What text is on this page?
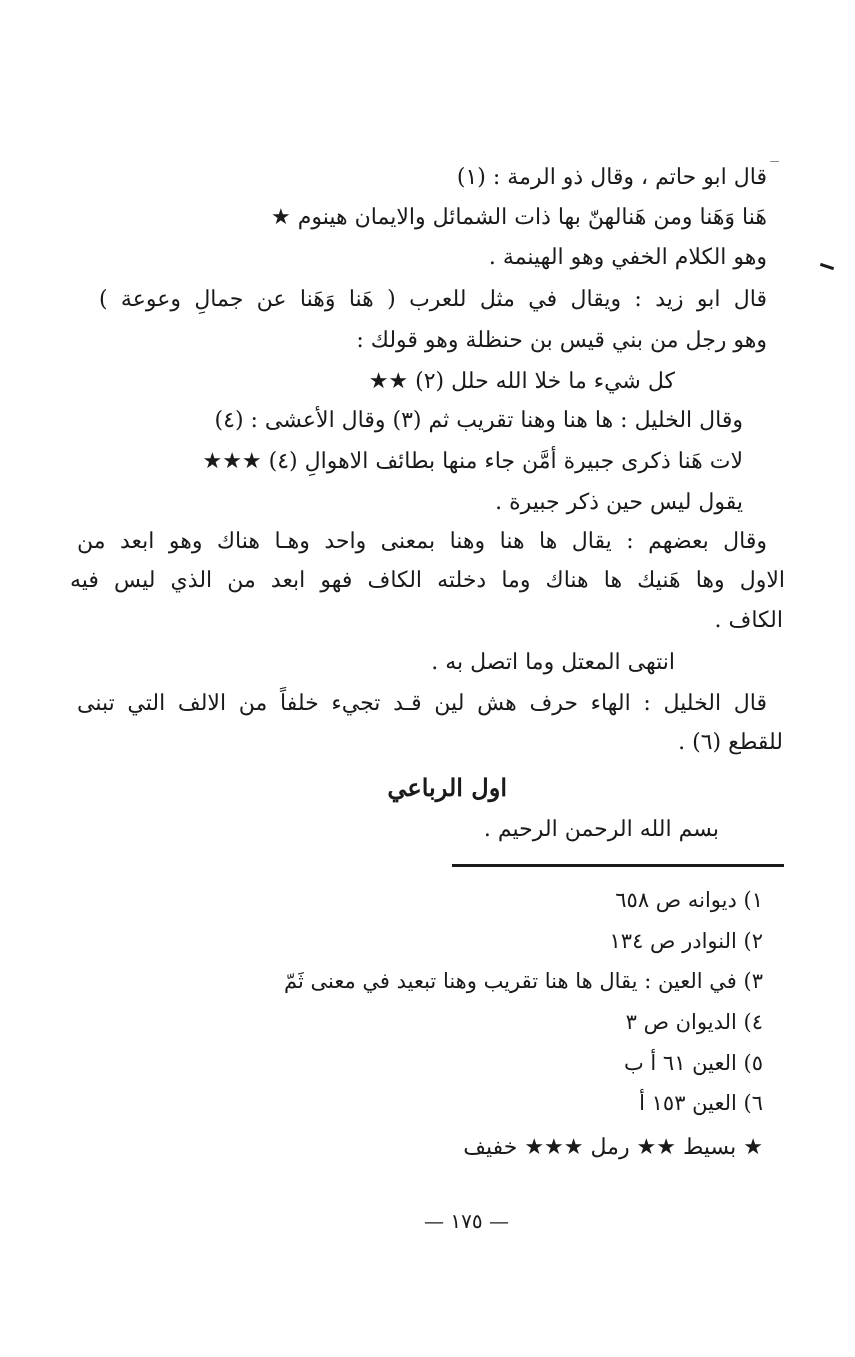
قال ابو حاتم ، وقال ذو الرمة : (١)
هَنا وَهَنا ومن هَنالهنّ بها ذات الشمائل والايمان هينوم ★
وهو الكلام الخفي وهو الهينمة .
قال ابو زيد : ويقال في مثل للعرب ( هَنا وَهَنا عن جمالِ وعوعة )
وهو رجل من بني قيس بن حنظلة وهو قولك :
كل شيء ما خلا الله حلل (٢) ★★
وقال الخليل : ها هنا وهنا تقريب ثم (٣) وقال الأعشى : (٤)
لات هَنا ذكرى جبيرة أمَّن جاء منها بطائف الاهوالِ (٤) ★★★
يقول ليس حين ذكر جبيرة .
وقال بعضهم : يقال ها هنا وهنا بمعنى واحد وهـا هناك وهو ابعد من
الاول وها هَنيك ها هناك وما دخلته الكاف فهو ابعد من الذي ليس فيه
الكاف .
انتهى المعتل وما اتصل به .
قال الخليل : الهاء حرف هش لين قـد تجيء خلفاً من الالف التي تبنى
للقطع (٦) .
اول الرباعي
بسم الله الرحمن الرحيم .
١) ديوانه ص ٦٥٨
٢) النوادر ص ١٣٤
٣) في العين : يقال ها هنا تقريب وهنا تبعيد في معنى ثَمّ
٤) الديوان ص ٣
٥) العين ٦١ أ ب
٦) العين ١٥٣ أ
★ بسيط ★★ رمل ★★★ خفيف
— ١٧٥ —
